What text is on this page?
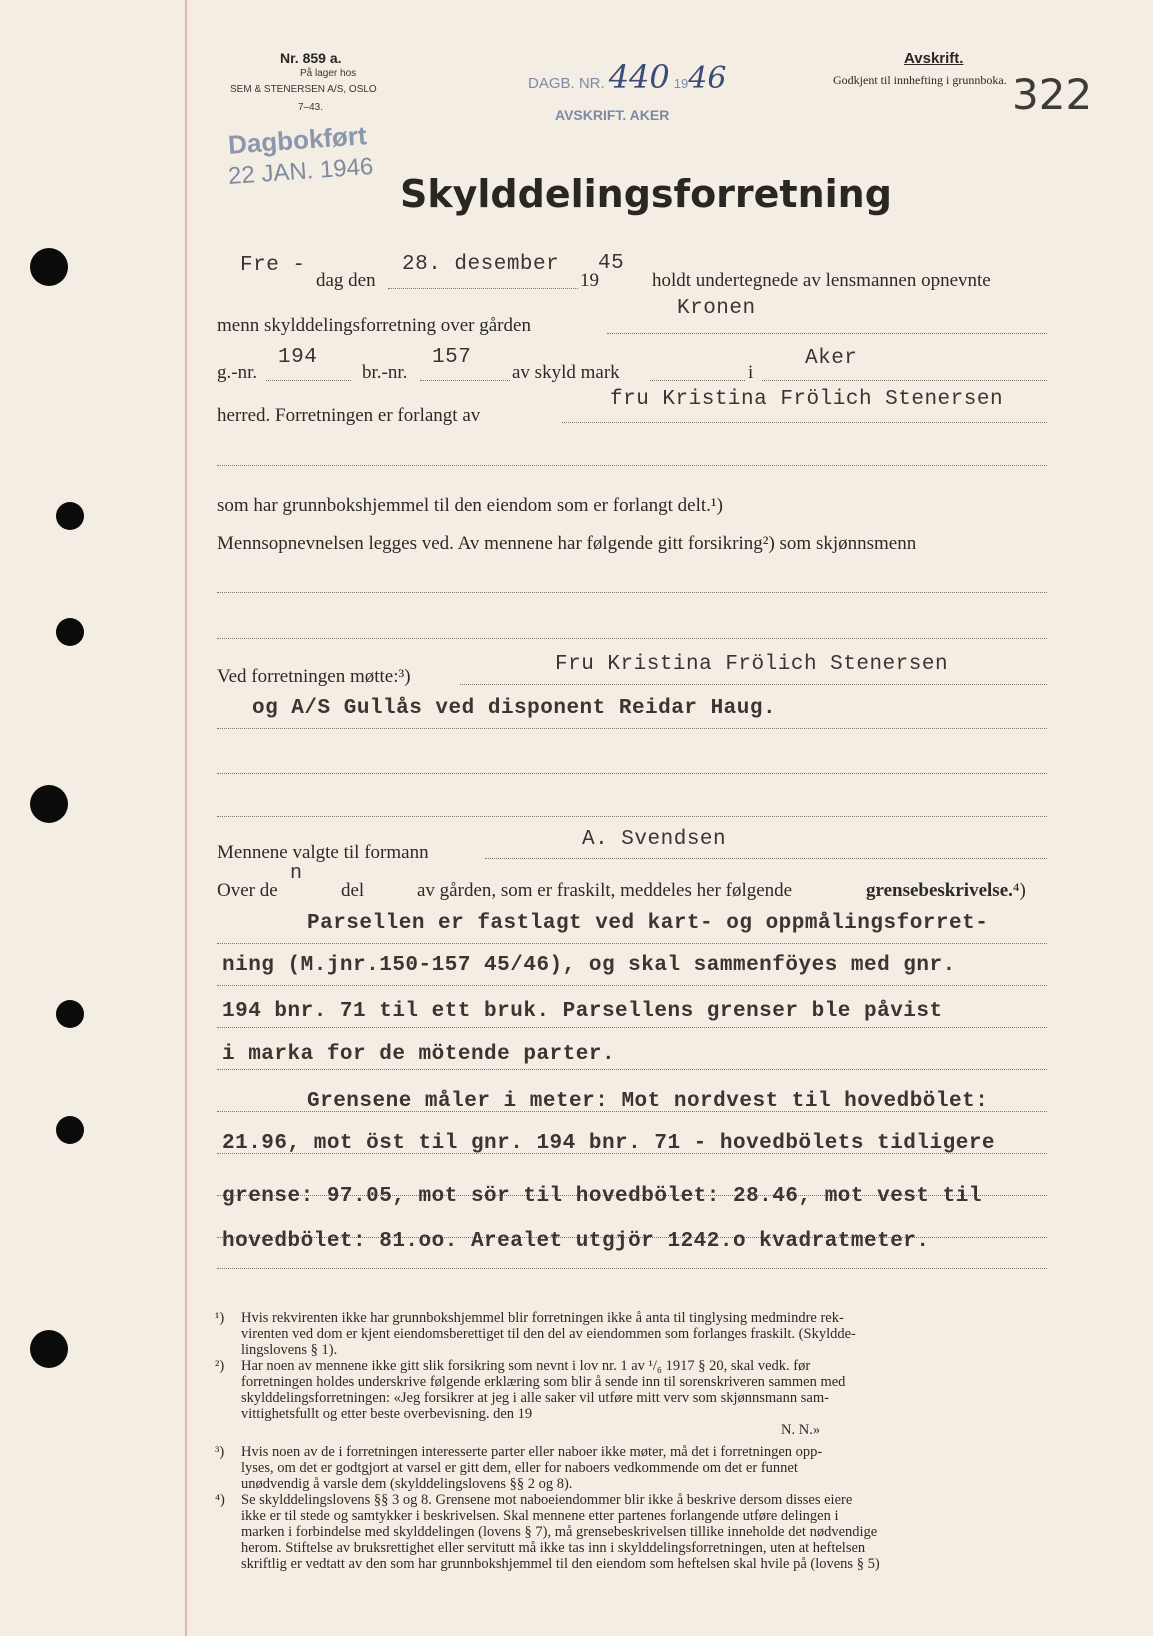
Nr. 859 a.
På lager hos
SEM & STENERSEN A/S, OSLO
7–43.
Dagbokført
22 JAN. 1946
DAGB. NR. 440 1946
AVSKRIFT. AKER
Avskrift.
Godkjent til innhefting i grunnboka. 322
Skylddelingsforretning
Fre -
dag den
28. desember
19
45
holdt undertegnede av lensmannen opnevnte
menn skylddelingsforretning over gården
Kronen
g.-nr.
194
br.-nr.
157
av skyld mark	i
Aker
herred. Forretningen er forlangt av
fru Kristina Frölich Stenersen
som har grunnbokshjemmel til den eiendom som er forlangt delt.¹)
Mennsopnevnelsen legges ved. Av mennene har følgende gitt forsikring²) som skjønnsmenn
Ved forretningen møtte:³)
Fru Kristina Frölich Stenersen
og A/S Gullås ved disponent Reidar Haug.
Mennene valgte til formann
A. Svendsen
Over de
n
del	av gården, som er fraskilt, meddeles her følgende	grensebeskrivelse.⁴)
Parsellen er fastlagt ved kart- og oppmålingsforret-
ning (M.jnr.150-157 45/46), og skal sammenföyes med gnr.
194 bnr. 71 til ett bruk. Parsellens grenser ble påvist
i marka for de mötende parter.
Grensene måler i meter: Mot nordvest til hovedbölet:
21.96, mot öst til gnr. 194 bnr. 71 - hovedbölets tidligere
grense: 97.05, mot sör til hovedbölet: 28.46, mot vest til
hovedbölet: 81.oo. Arealet utgjör 1242.o kvadratmeter.
¹) Hvis rekvirenten ikke har grunnbokshjemmel blir forretningen ikke å anta til tinglysing medmindre rek-
virenten ved dom er kjent eiendomsberettiget til den del av eiendommen som forlanges fraskilt. (Skyldde-
lingslovens § 1).
²) Har noen av mennene ikke gitt slik forsikring som nevnt i lov nr. 1 av ¹/₆ 1917 § 20, skal vedk. før
forretningen holdes underskrive følgende erklæring som blir å sende inn til sorenskriveren sammen med
skylddelingsforretningen: «Jeg forsikrer at jeg i alle saker vil utføre mitt verv som skjønnsmann sam-
vittighetsfullt og etter beste overbevisning. den 19
N. N.»
³) Hvis noen av de i forretningen interesserte parter eller naboer ikke møter, må det i forretningen opp-
lyses, om det er godtgjort at varsel er gitt dem, eller for naboers vedkommende om det er funnet
unødvendig å varsle dem (skylddelingslovens §§ 2 og 8).
⁴) Se skylddelingslovens §§ 3 og 8. Grensene mot naboeiendommer blir ikke å beskrive dersom disses eiere
ikke er til stede og samtykker i beskrivelsen. Skal mennene etter partenes forlangende utføre delingen i
marken i forbindelse med skylddelingen (lovens § 7), må grensebeskrivelsen tillike inneholde det nødvendige
herom. Stiftelse av bruksrettighet eller servitutt må ikke tas inn i skylddelingsforretningen, uten at heftelsen
skriftlig er vedtatt av den som har grunnbokshjemmel til den eiendom som heftelsen skal hvile på (lovens § 5)
